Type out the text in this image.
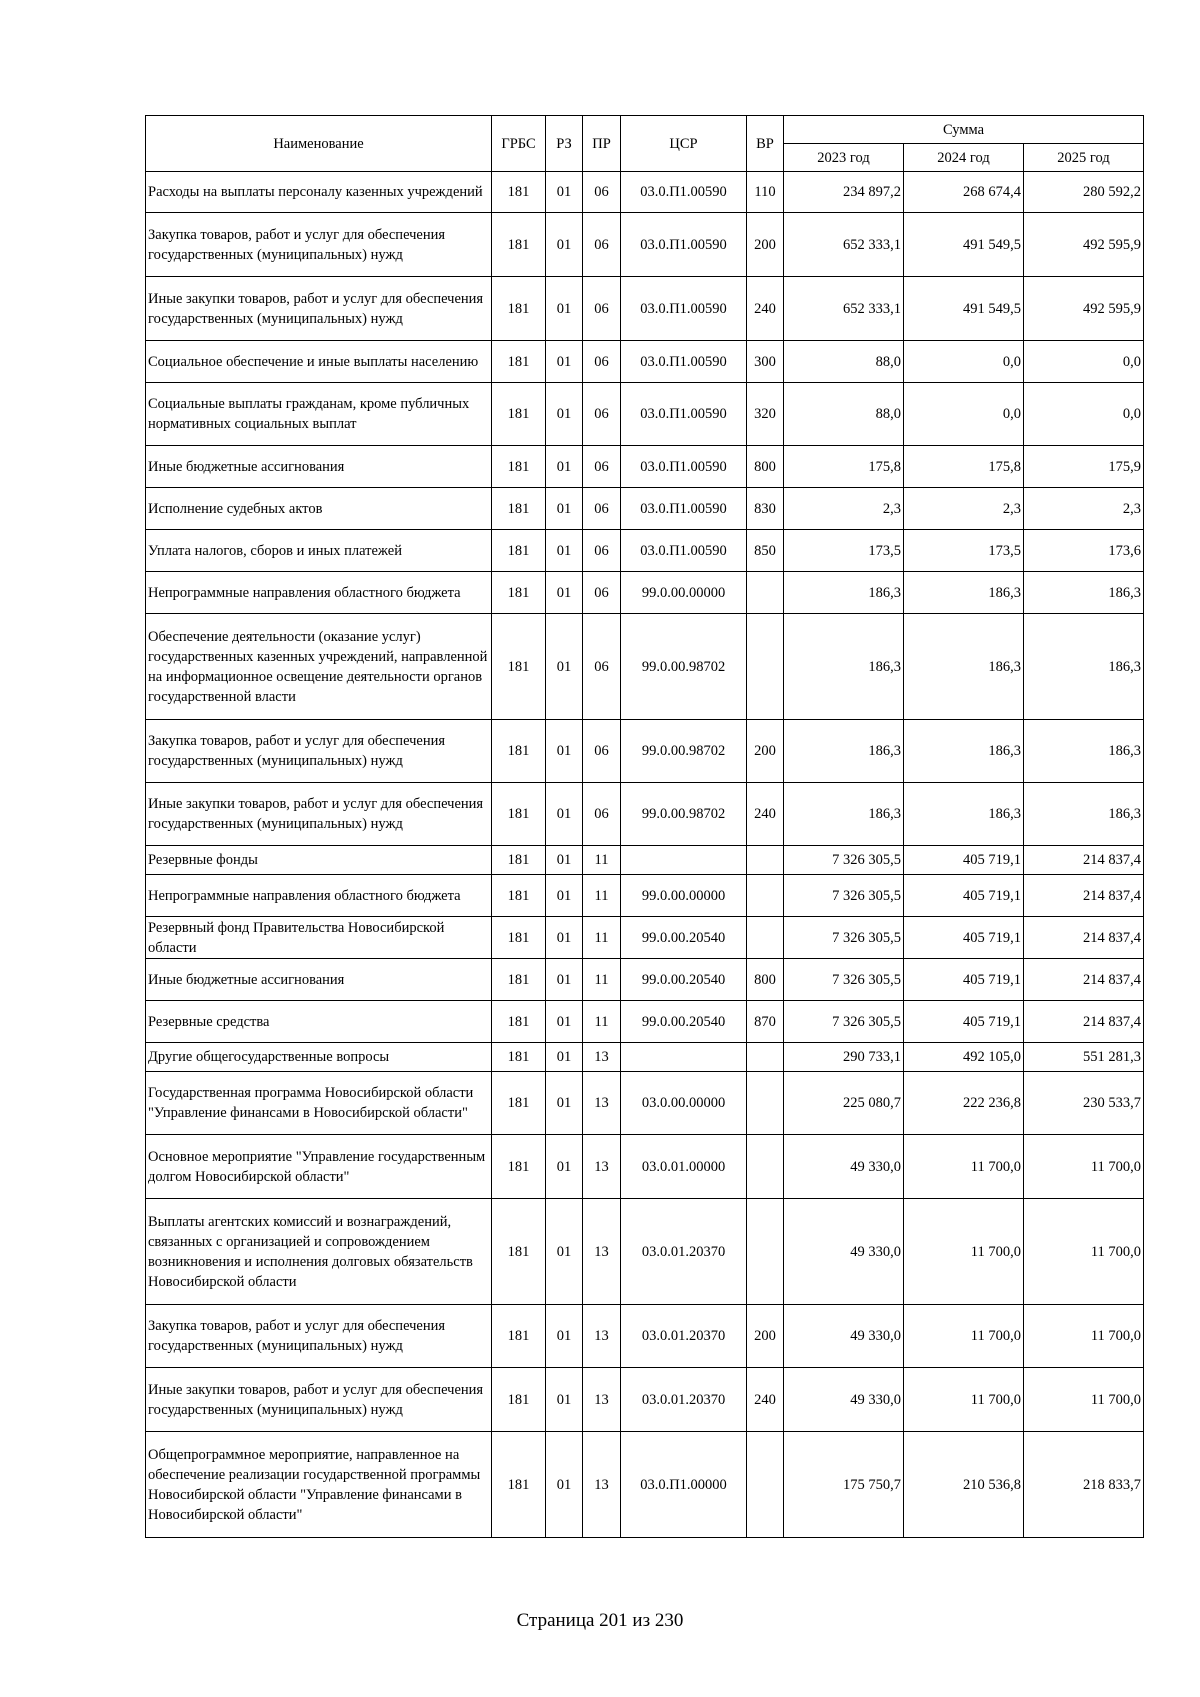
Наименование	ГРБС	РЗ	ПР	ЦСР	ВР	Сумма		
						2023 год	2024 год	2025 год
Расходы на выплаты персоналу казенных учреждений	181	01	06	03.0.П1.00590	110	234 897,2	268 674,4	280 592,2
Закупка товаров, работ и услуг для обеспечения государственных (муниципальных) нужд	181	01	06	03.0.П1.00590	200	652 333,1	491 549,5	492 595,9
Иные закупки товаров, работ и услуг для обеспечения государственных (муниципальных) нужд	181	01	06	03.0.П1.00590	240	652 333,1	491 549,5	492 595,9
Социальное обеспечение и иные выплаты населению	181	01	06	03.0.П1.00590	300	88,0	0,0	0,0
Социальные выплаты гражданам, кроме публичных нормативных социальных выплат	181	01	06	03.0.П1.00590	320	88,0	0,0	0,0
Иные бюджетные ассигнования	181	01	06	03.0.П1.00590	800	175,8	175,8	175,9
Исполнение судебных актов	181	01	06	03.0.П1.00590	830	2,3	2,3	2,3
Уплата налогов, сборов и иных платежей	181	01	06	03.0.П1.00590	850	173,5	173,5	173,6
Непрограммные направления областного бюджета	181	01	06	99.0.00.00000		186,3	186,3	186,3
Обеспечение деятельности (оказание услуг) государственных казенных учреждений, направленной на информационное освещение деятельности органов государственной власти	181	01	06	99.0.00.98702		186,3	186,3	186,3
Закупка товаров, работ и услуг для обеспечения государственных (муниципальных) нужд	181	01	06	99.0.00.98702	200	186,3	186,3	186,3
Иные закупки товаров, работ и услуг для обеспечения государственных (муниципальных) нужд	181	01	06	99.0.00.98702	240	186,3	186,3	186,3
Резервные фонды	181	01	11			7 326 305,5	405 719,1	214 837,4
Непрограммные направления областного бюджета	181	01	11	99.0.00.00000		7 326 305,5	405 719,1	214 837,4
Резервный фонд Правительства Новосибирской области	181	01	11	99.0.00.20540		7 326 305,5	405 719,1	214 837,4
Иные бюджетные ассигнования	181	01	11	99.0.00.20540	800	7 326 305,5	405 719,1	214 837,4
Резервные средства	181	01	11	99.0.00.20540	870	7 326 305,5	405 719,1	214 837,4
Другие общегосударственные вопросы	181	01	13			290 733,1	492 105,0	551 281,3
Государственная программа Новосибирской области "Управление финансами в Новосибирской области"	181	01	13	03.0.00.00000		225 080,7	222 236,8	230 533,7
Основное мероприятие "Управление государственным долгом Новосибирской области"	181	01	13	03.0.01.00000		49 330,0	11 700,0	11 700,0
Выплаты агентских комиссий и вознаграждений, связанных с организацией и сопровождением возникновения и исполнения долговых обязательств Новосибирской области	181	01	13	03.0.01.20370		49 330,0	11 700,0	11 700,0
Закупка товаров, работ и услуг для обеспечения государственных (муниципальных) нужд	181	01	13	03.0.01.20370	200	49 330,0	11 700,0	11 700,0
Иные закупки товаров, работ и услуг для обеспечения государственных (муниципальных) нужд	181	01	13	03.0.01.20370	240	49 330,0	11 700,0	11 700,0
Общепрограммное мероприятие, направленное на обеспечение реализации государственной программы Новосибирской области "Управление финансами в Новосибирской области"	181	01	13	03.0.П1.00000		175 750,7	210 536,8	218 833,7
Страница 201 из 230
